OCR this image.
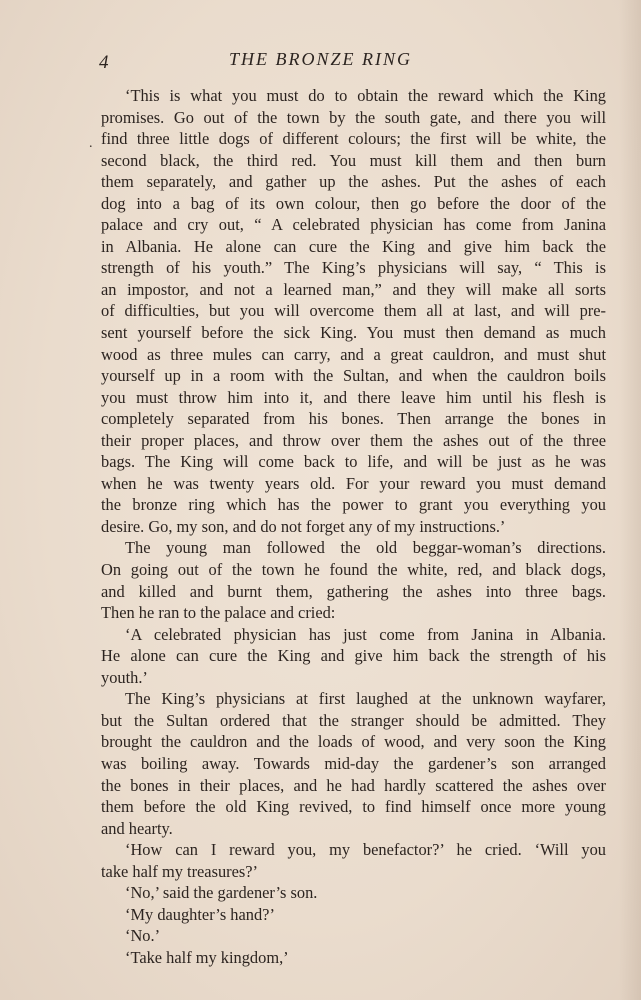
4	THE BRONZE RING
.
‘This is what you must do to obtain the reward which the King
promises. Go out of the town by the south gate, and there you will
find three little dogs of different colours; the first will be white, the
second black, the third red. You must kill them and then burn
them separately, and gather up the ashes. Put the ashes of each
dog into a bag of its own colour, then go before the door of the
palace and cry out, “ A celebrated physician has come from Janina
in Albania. He alone can cure the King and give him back the
strength of his youth.” The King’s physicians will say, “ This is
an impostor, and not a learned man,” and they will make all sorts
of difficulties, but you will overcome them all at last, and will pre-
sent yourself before the sick King. You must then demand as much
wood as three mules can carry, and a great cauldron, and must shut
yourself up in a room with the Sultan, and when the cauldron boils
you must throw him into it, and there leave him until his flesh is
completely separated from his bones. Then arrange the bones in
their proper places, and throw over them the ashes out of the three
bags. The King will come back to life, and will be just as he was
when he was twenty years old. For your reward you must demand
the bronze ring which has the power to grant you everything you
desire. Go, my son, and do not forget any of my instructions.’
The young man followed the old beggar-woman’s directions.
On going out of the town he found the white, red, and black dogs,
and killed and burnt them, gathering the ashes into three bags.
Then he ran to the palace and cried:
‘A celebrated physician has just come from Janina in Albania.
He alone can cure the King and give him back the strength of his
youth.’
The King’s physicians at first laughed at the unknown wayfarer,
but the Sultan ordered that the stranger should be admitted. They
brought the cauldron and the loads of wood, and very soon the King
was boiling away. Towards mid-day the gardener’s son arranged
the bones in their places, and he had hardly scattered the ashes over
them before the old King revived, to find himself once more young
and hearty.
‘How can I reward you, my benefactor?’ he cried. ‘Will you
take half my treasures?’
‘No,’ said the gardener’s son.
‘My daughter’s hand?’
‘No.’
‘Take half my kingdom,’
